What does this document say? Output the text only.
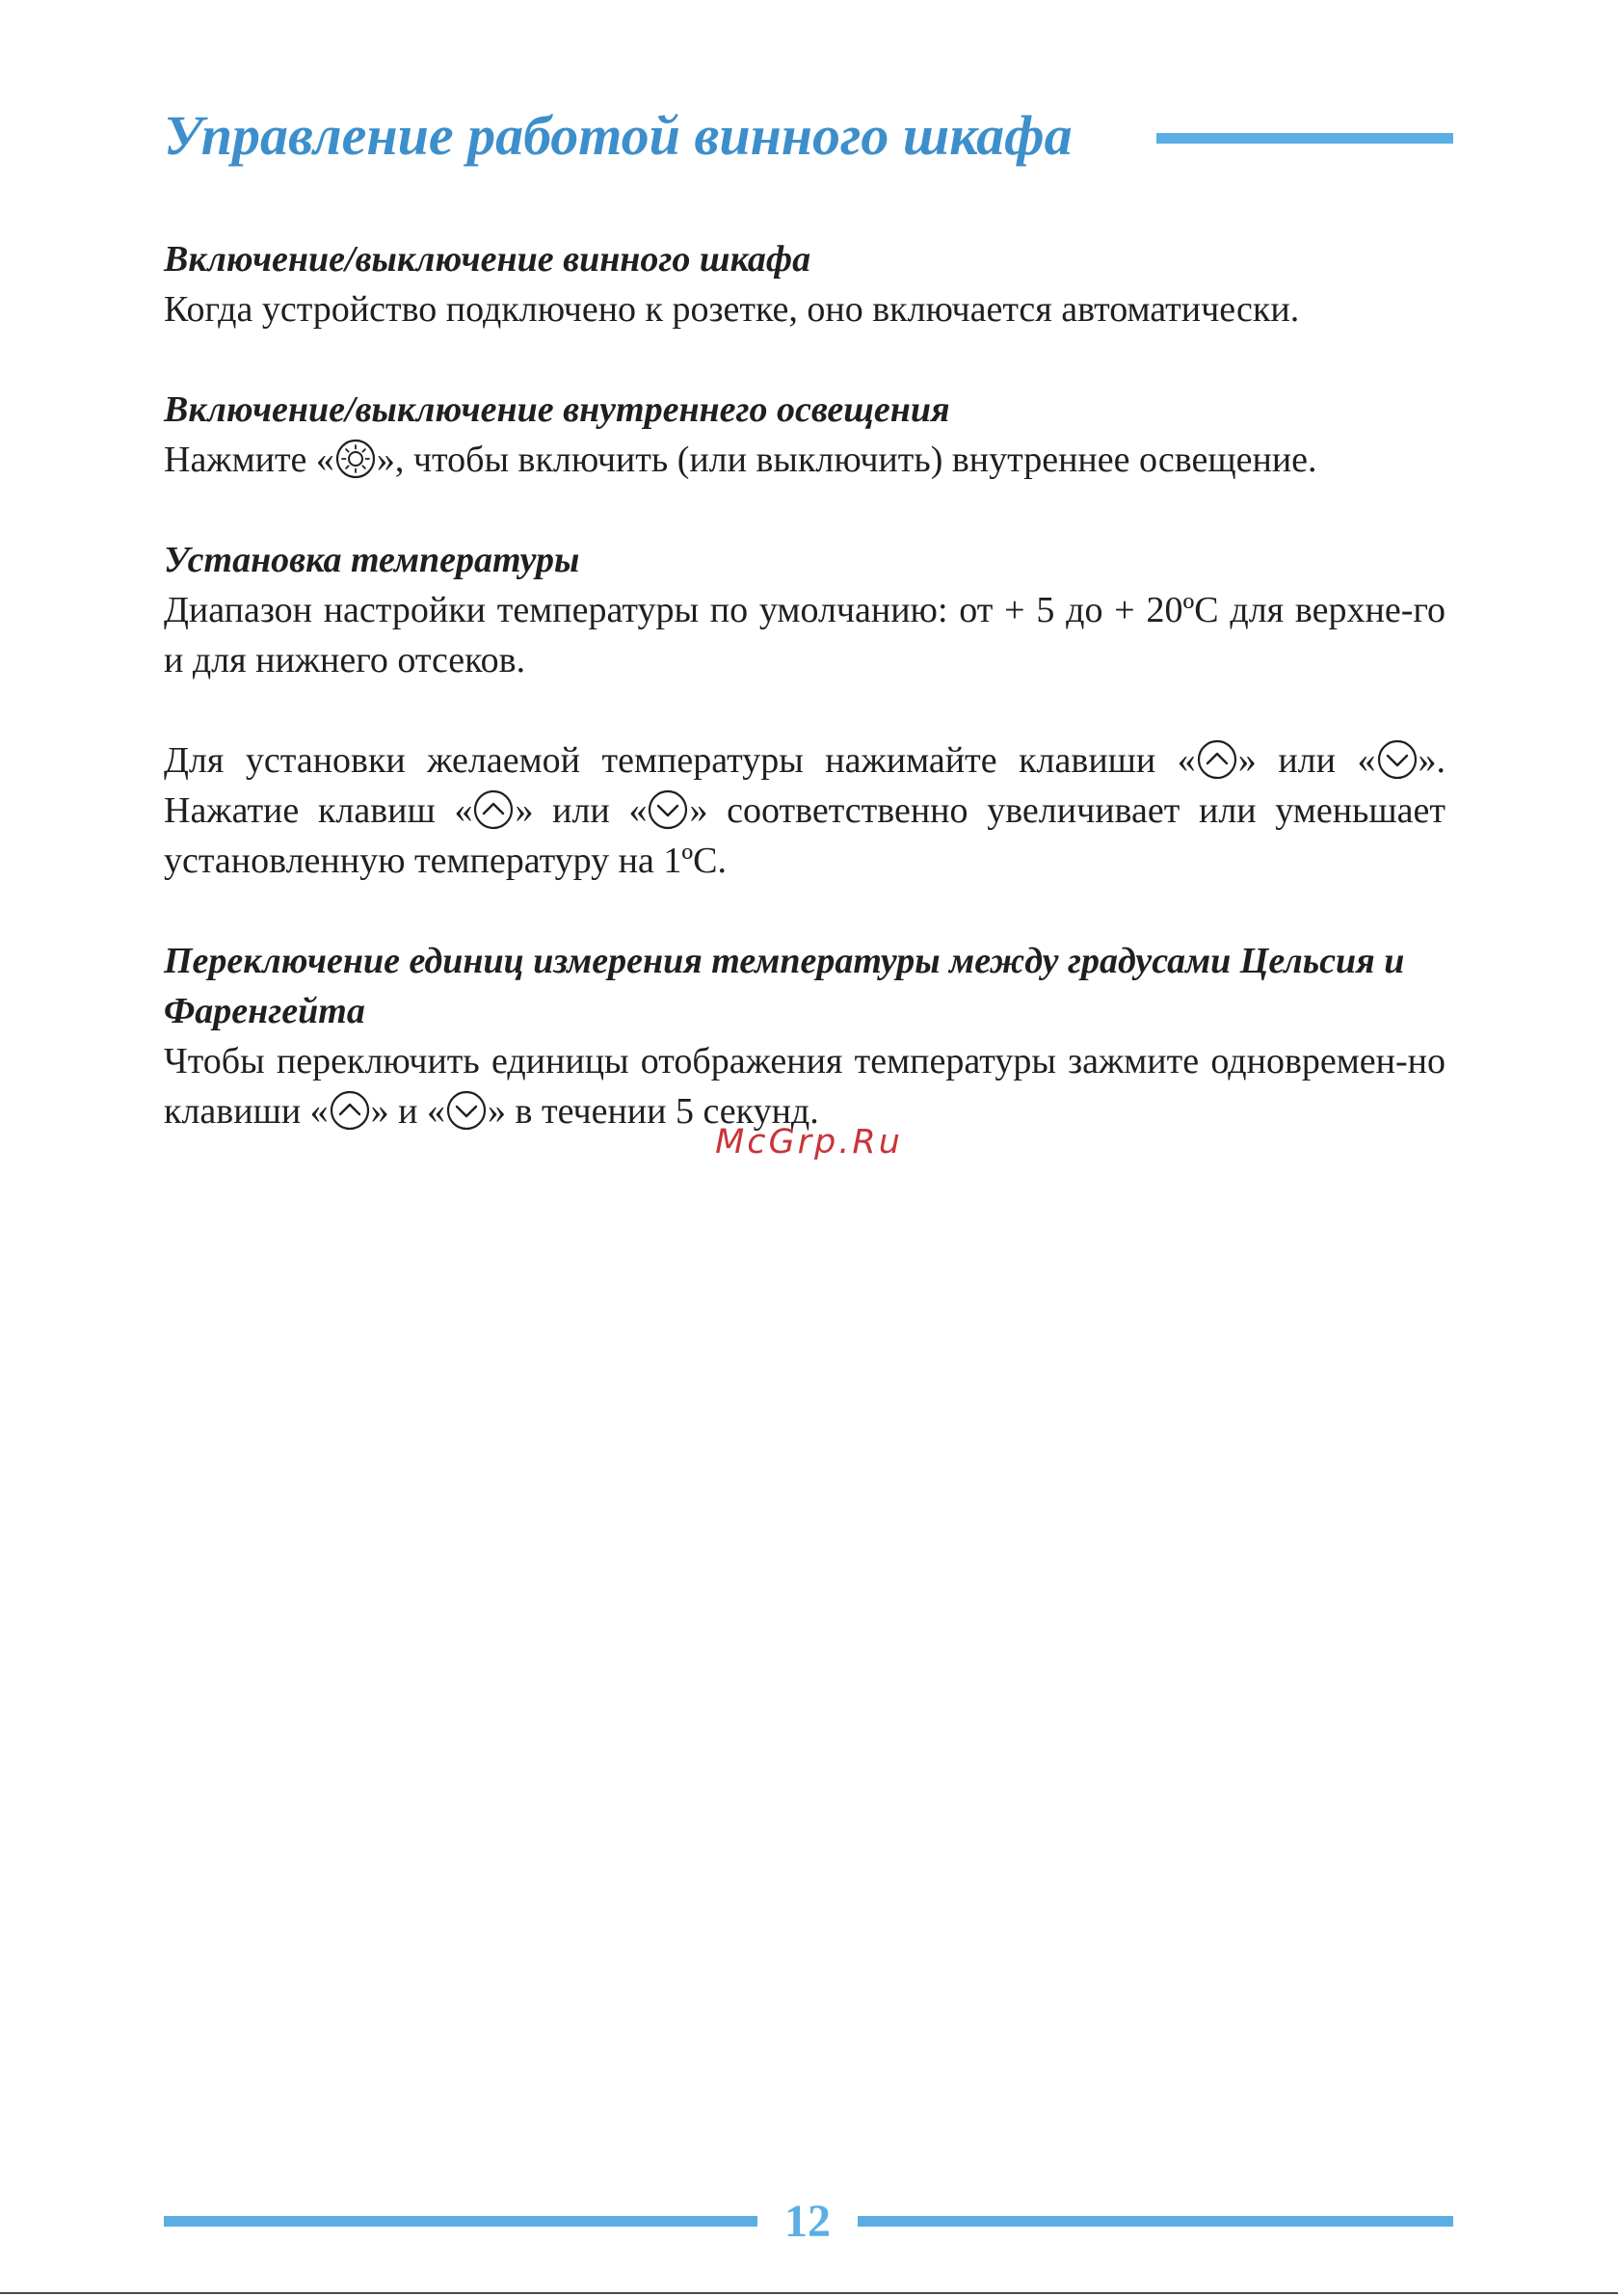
Управление работой винного шкафа

Включение/выключение винного шкафа

Когда устройство подключено к розетке, оно включается автоматически.

Включение/выключение внутреннего освещения

Нажмите « », чтобы включить (или выключить) внутреннее освещение.

Установка температуры

Диапазон настройки температуры по умолчанию: от + 5 до + 20ºС для верхне-го и для нижнего отсеков.

Для установки желаемой температуры нажимайте клавиши « » или « ». Нажатие клавиш « » или « » соответственно увеличивает или уменьшает установленную температуру на 1ºС.

Переключение единиц измерения температуры между градусами Цельсия и Фаренгейта

Чтобы переключить единицы отображения температуры зажмите одновремен-но клавиши « » и « » в течении 5 секунд.

McGrp.Ru
12
